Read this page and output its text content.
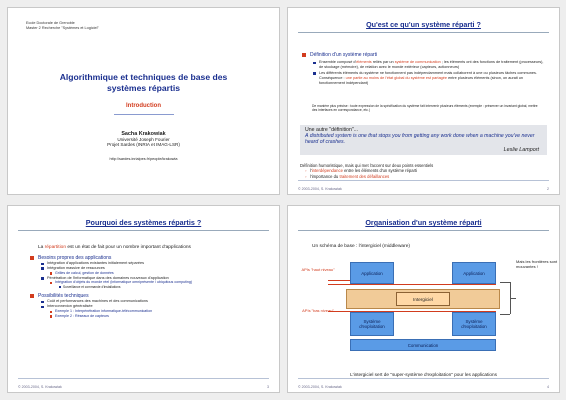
Ecole Doctorale de Grenoble
Master 2 Recherche "Systèmes et Logiciel"
Algorithmique et techniques de base des
systèmes répartis
Introduction
Sacha Krakowiak
Université Joseph Fourier
Projet Sardes (INRIA et IMAG-LSR)
http://sardes.inrialpes.fr/people/krakowia
Qu'est ce qu'un système réparti ?
Définition d'un système réparti
Ensemble composé d'éléments reliés par un système de communication ; les éléments ont des fonctions de traitement (processeurs), de stockage (mémoire), de relation avec le monde extérieur (capteurs, actionneurs)
Les différents éléments du système ne fonctionnent pas indépendamment mais collaborent à une ou plusieurs tâches communes. Conséquence : une partie au moins de l'état global du système est partagée entre plusieurs éléments (sinon, on aurait un fonctionnement indépendant)
De manière plus précise : toute expression de la spécification du système fait intervenir plusieurs éléments (exemple : préserver un invariant global, mettre des interfaces en correspondance, etc.)
Une autre "définition"...
A distributed system is one that stops you from getting any work done when a machine you've never heard of crashes.
Leslie Lamport
Définition humoristique, mais qui met l'accent sur deux points essentiels
◦ l'interdépendance entre les éléments d'un système réparti
◦ l'importance du traitement des défaillances
© 2003-2004, S. Krakowiak	2
Pourquoi des systèmes répartis ?
La répartition est un état de fait pour un nombre important d'applications
Besoins propres des applications
Intégration d'applications existantes initialement séparées
Intégration massive de ressources
Grilles de calcul, gestion de données
Pénétration de l'informatique dans des domaines nouveaux d'application
Intégration d'objets du monde réel (informatique omniprésente / ubiquitous computing)
Surveillance et commande d'installations
Possibilités techniques
Coût et performances des machines et des communications
Interconnexion généralisée
Exemple 1 : Interpénétration informatique-télécommunication
Exemple 2 : Réseaux de capteurs
© 2003-2004, S. Krakowiak	3
Organisation d'un système réparti
Un schéma de base : l'intergiciel (middleware)
Application	Application
Intergiciel
Système d'exploitation
Système d'exploitation
Communication
APIs "haut niveau"
APIs "bas niveau"
Mais les frontières sont mouvantes !
L'intergiciel sert de "super-système d'exploitation" pour les applications
© 2003-2004, S. Krakowiak	4
